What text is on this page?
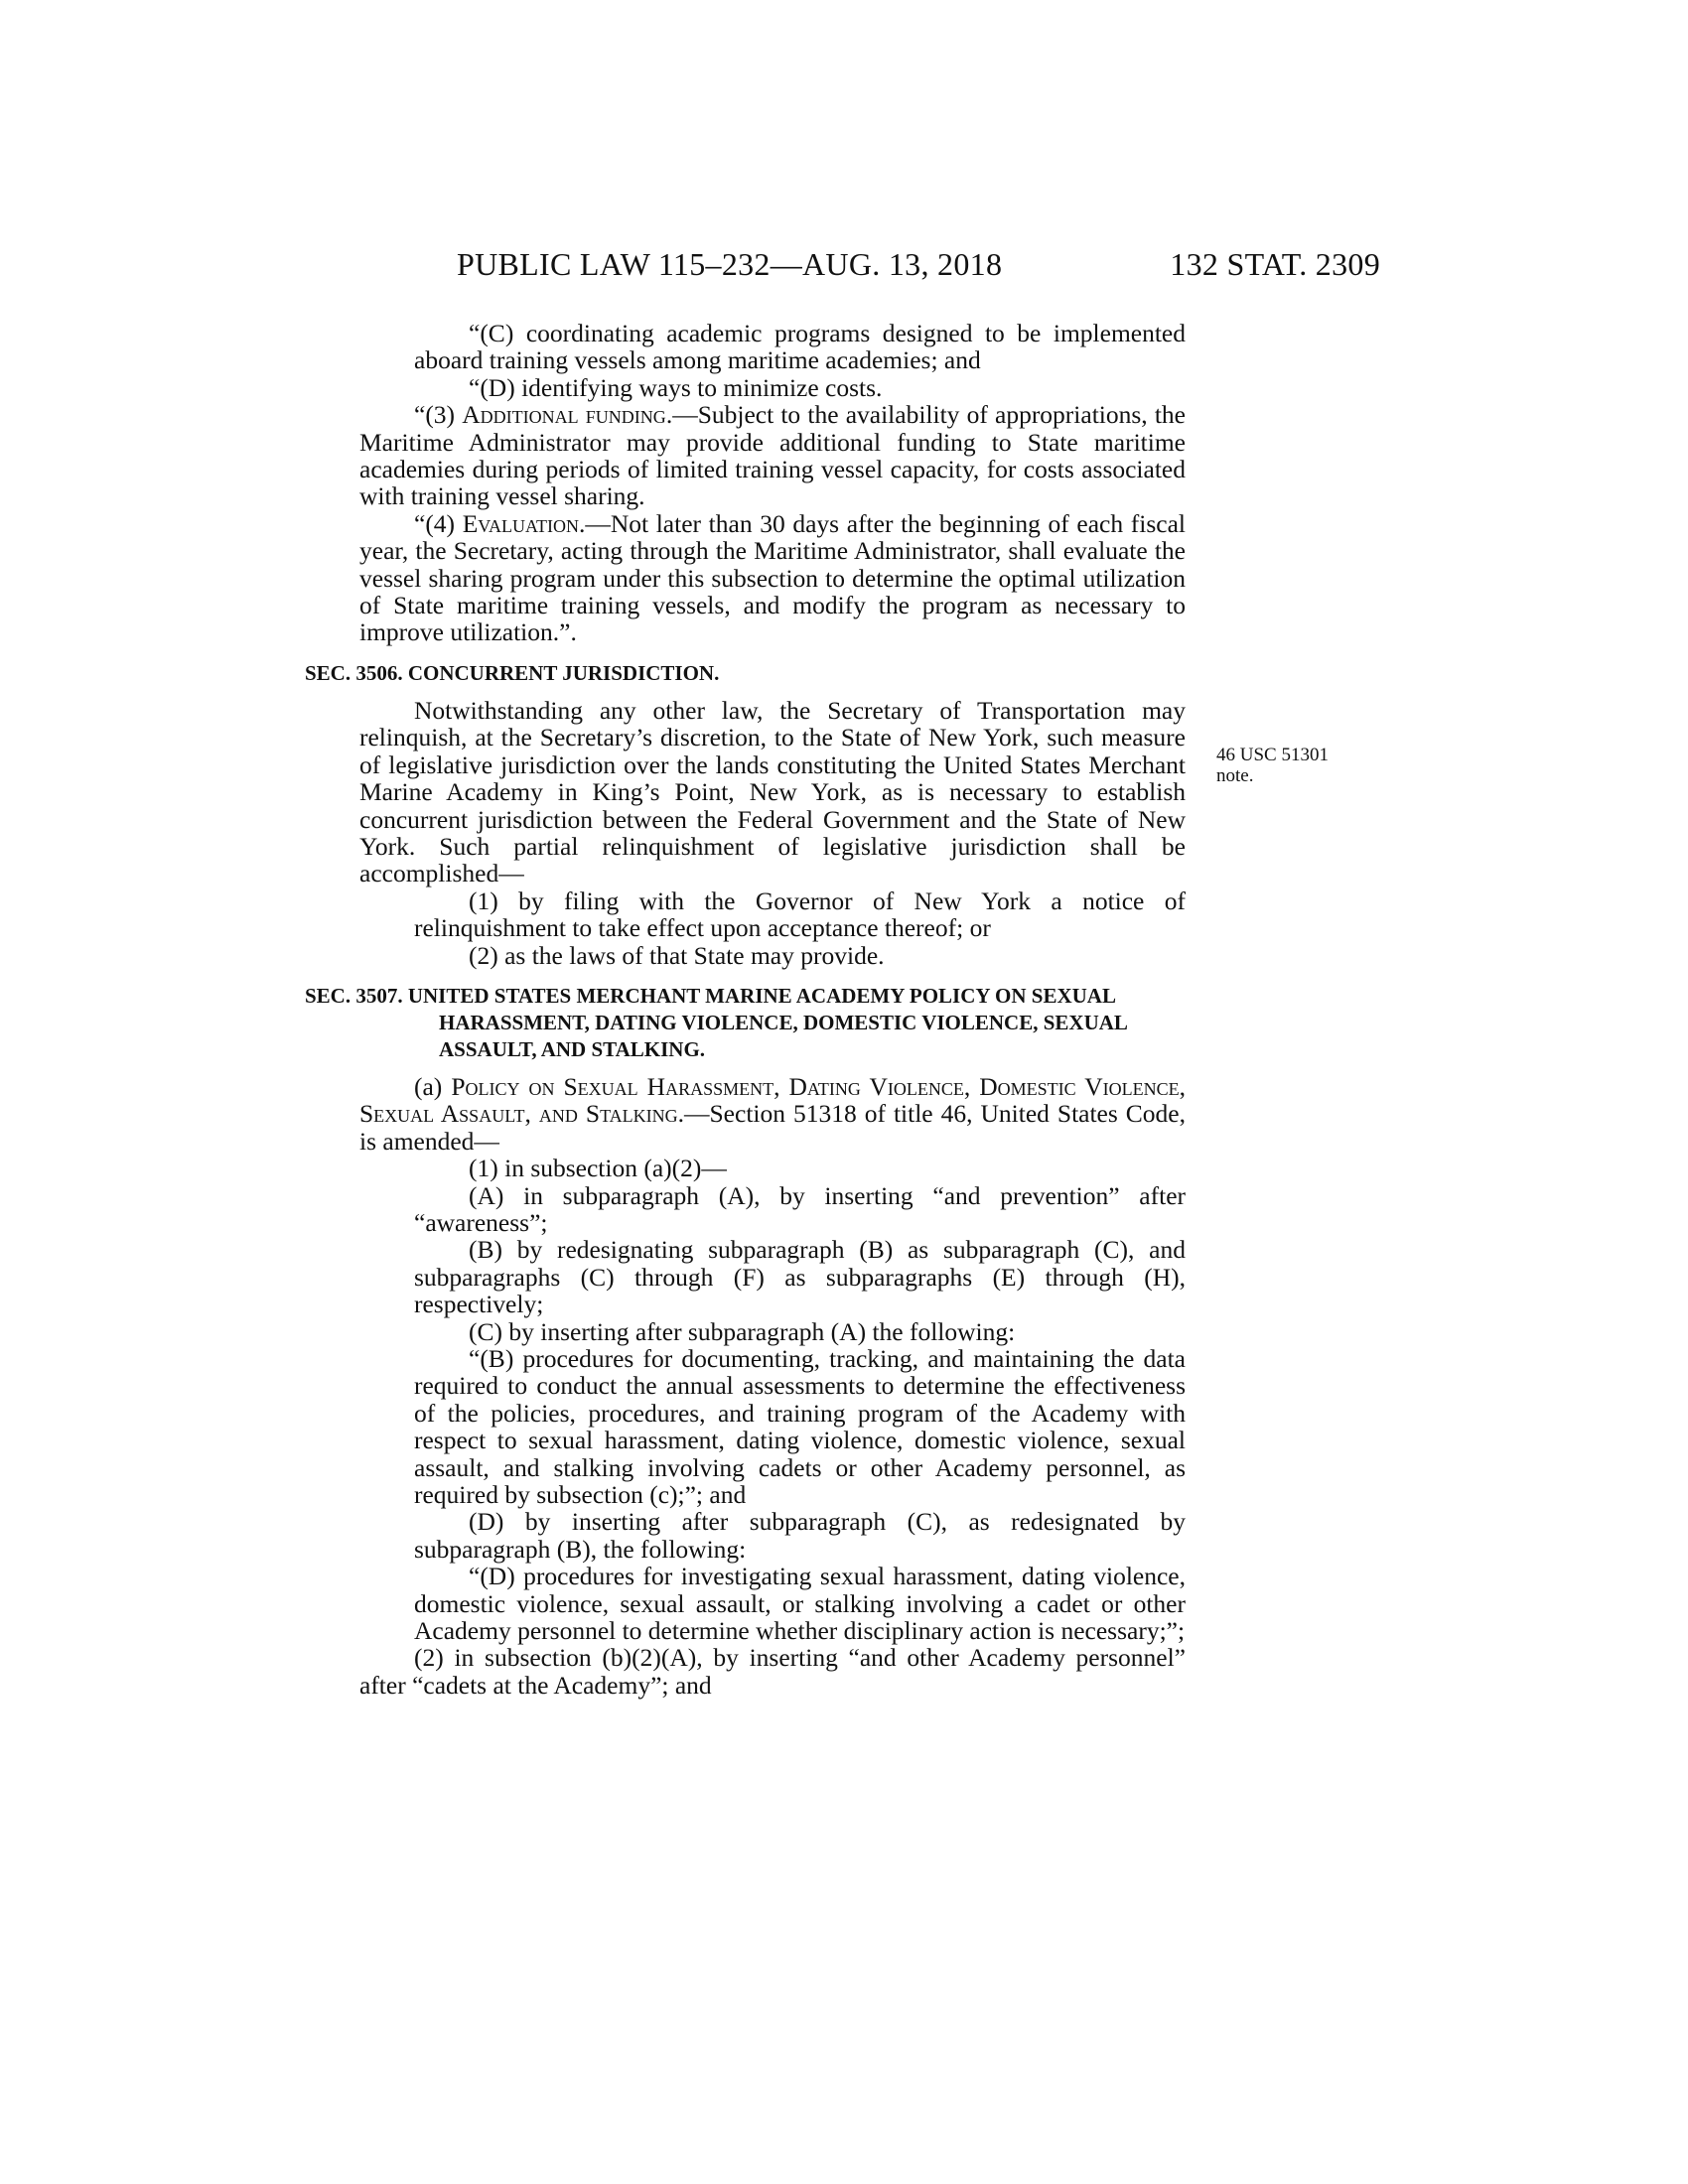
PUBLIC LAW 115–232—AUG. 13, 2018	132 STAT. 2309
46 USC 51301
note.

“(C) coordinating academic programs designed to be implemented aboard training vessels among maritime academies; and

“(D) identifying ways to minimize costs.

“(3) Additional funding.—Subject to the availability of appropriations, the Maritime Administrator may provide additional funding to State maritime academies during periods of limited training vessel capacity, for costs associated with training vessel sharing.

“(4) Evaluation.—Not later than 30 days after the beginning of each fiscal year, the Secretary, acting through the Maritime Administrator, shall evaluate the vessel sharing program under this subsection to determine the optimal utilization of State maritime training vessels, and modify the program as necessary to improve utilization.”.

SEC. 3506. CONCURRENT JURISDICTION.

Notwithstanding any other law, the Secretary of Transportation may relinquish, at the Secretary’s discretion, to the State of New York, such measure of legislative jurisdiction over the lands constituting the United States Merchant Marine Academy in King’s Point, New York, as is necessary to establish concurrent jurisdiction between the Federal Government and the State of New York. Such partial relinquishment of legislative jurisdiction shall be accomplished—

(1) by filing with the Governor of New York a notice of relinquishment to take effect upon acceptance thereof; or

(2) as the laws of that State may provide.

SEC. 3507. UNITED STATES MERCHANT MARINE ACADEMY POLICY ON SEXUAL HARASSMENT, DATING VIOLENCE, DOMESTIC VIOLENCE, SEXUAL ASSAULT, AND STALKING.

(a) Policy on Sexual Harassment, Dating Violence, Domestic Violence, Sexual Assault, and Stalking.—Section 51318 of title 46, United States Code, is amended—

(1) in subsection (a)(2)—

(A) in subparagraph (A), by inserting “and prevention” after “awareness”;

(B) by redesignating subparagraph (B) as subparagraph (C), and subparagraphs (C) through (F) as subparagraphs (E) through (H), respectively;

(C) by inserting after subparagraph (A) the following:

“(B) procedures for documenting, tracking, and maintaining the data required to conduct the annual assessments to determine the effectiveness of the policies, procedures, and training program of the Academy with respect to sexual harassment, dating violence, domestic violence, sexual assault, and stalking involving cadets or other Academy personnel, as required by subsection (c);”; and

(D) by inserting after subparagraph (C), as redesignated by subparagraph (B), the following:

“(D) procedures for investigating sexual harassment, dating violence, domestic violence, sexual assault, or stalking involving a cadet or other Academy personnel to determine whether disciplinary action is necessary;”;

(2) in subsection (b)(2)(A), by inserting “and other Academy personnel” after “cadets at the Academy”; and
